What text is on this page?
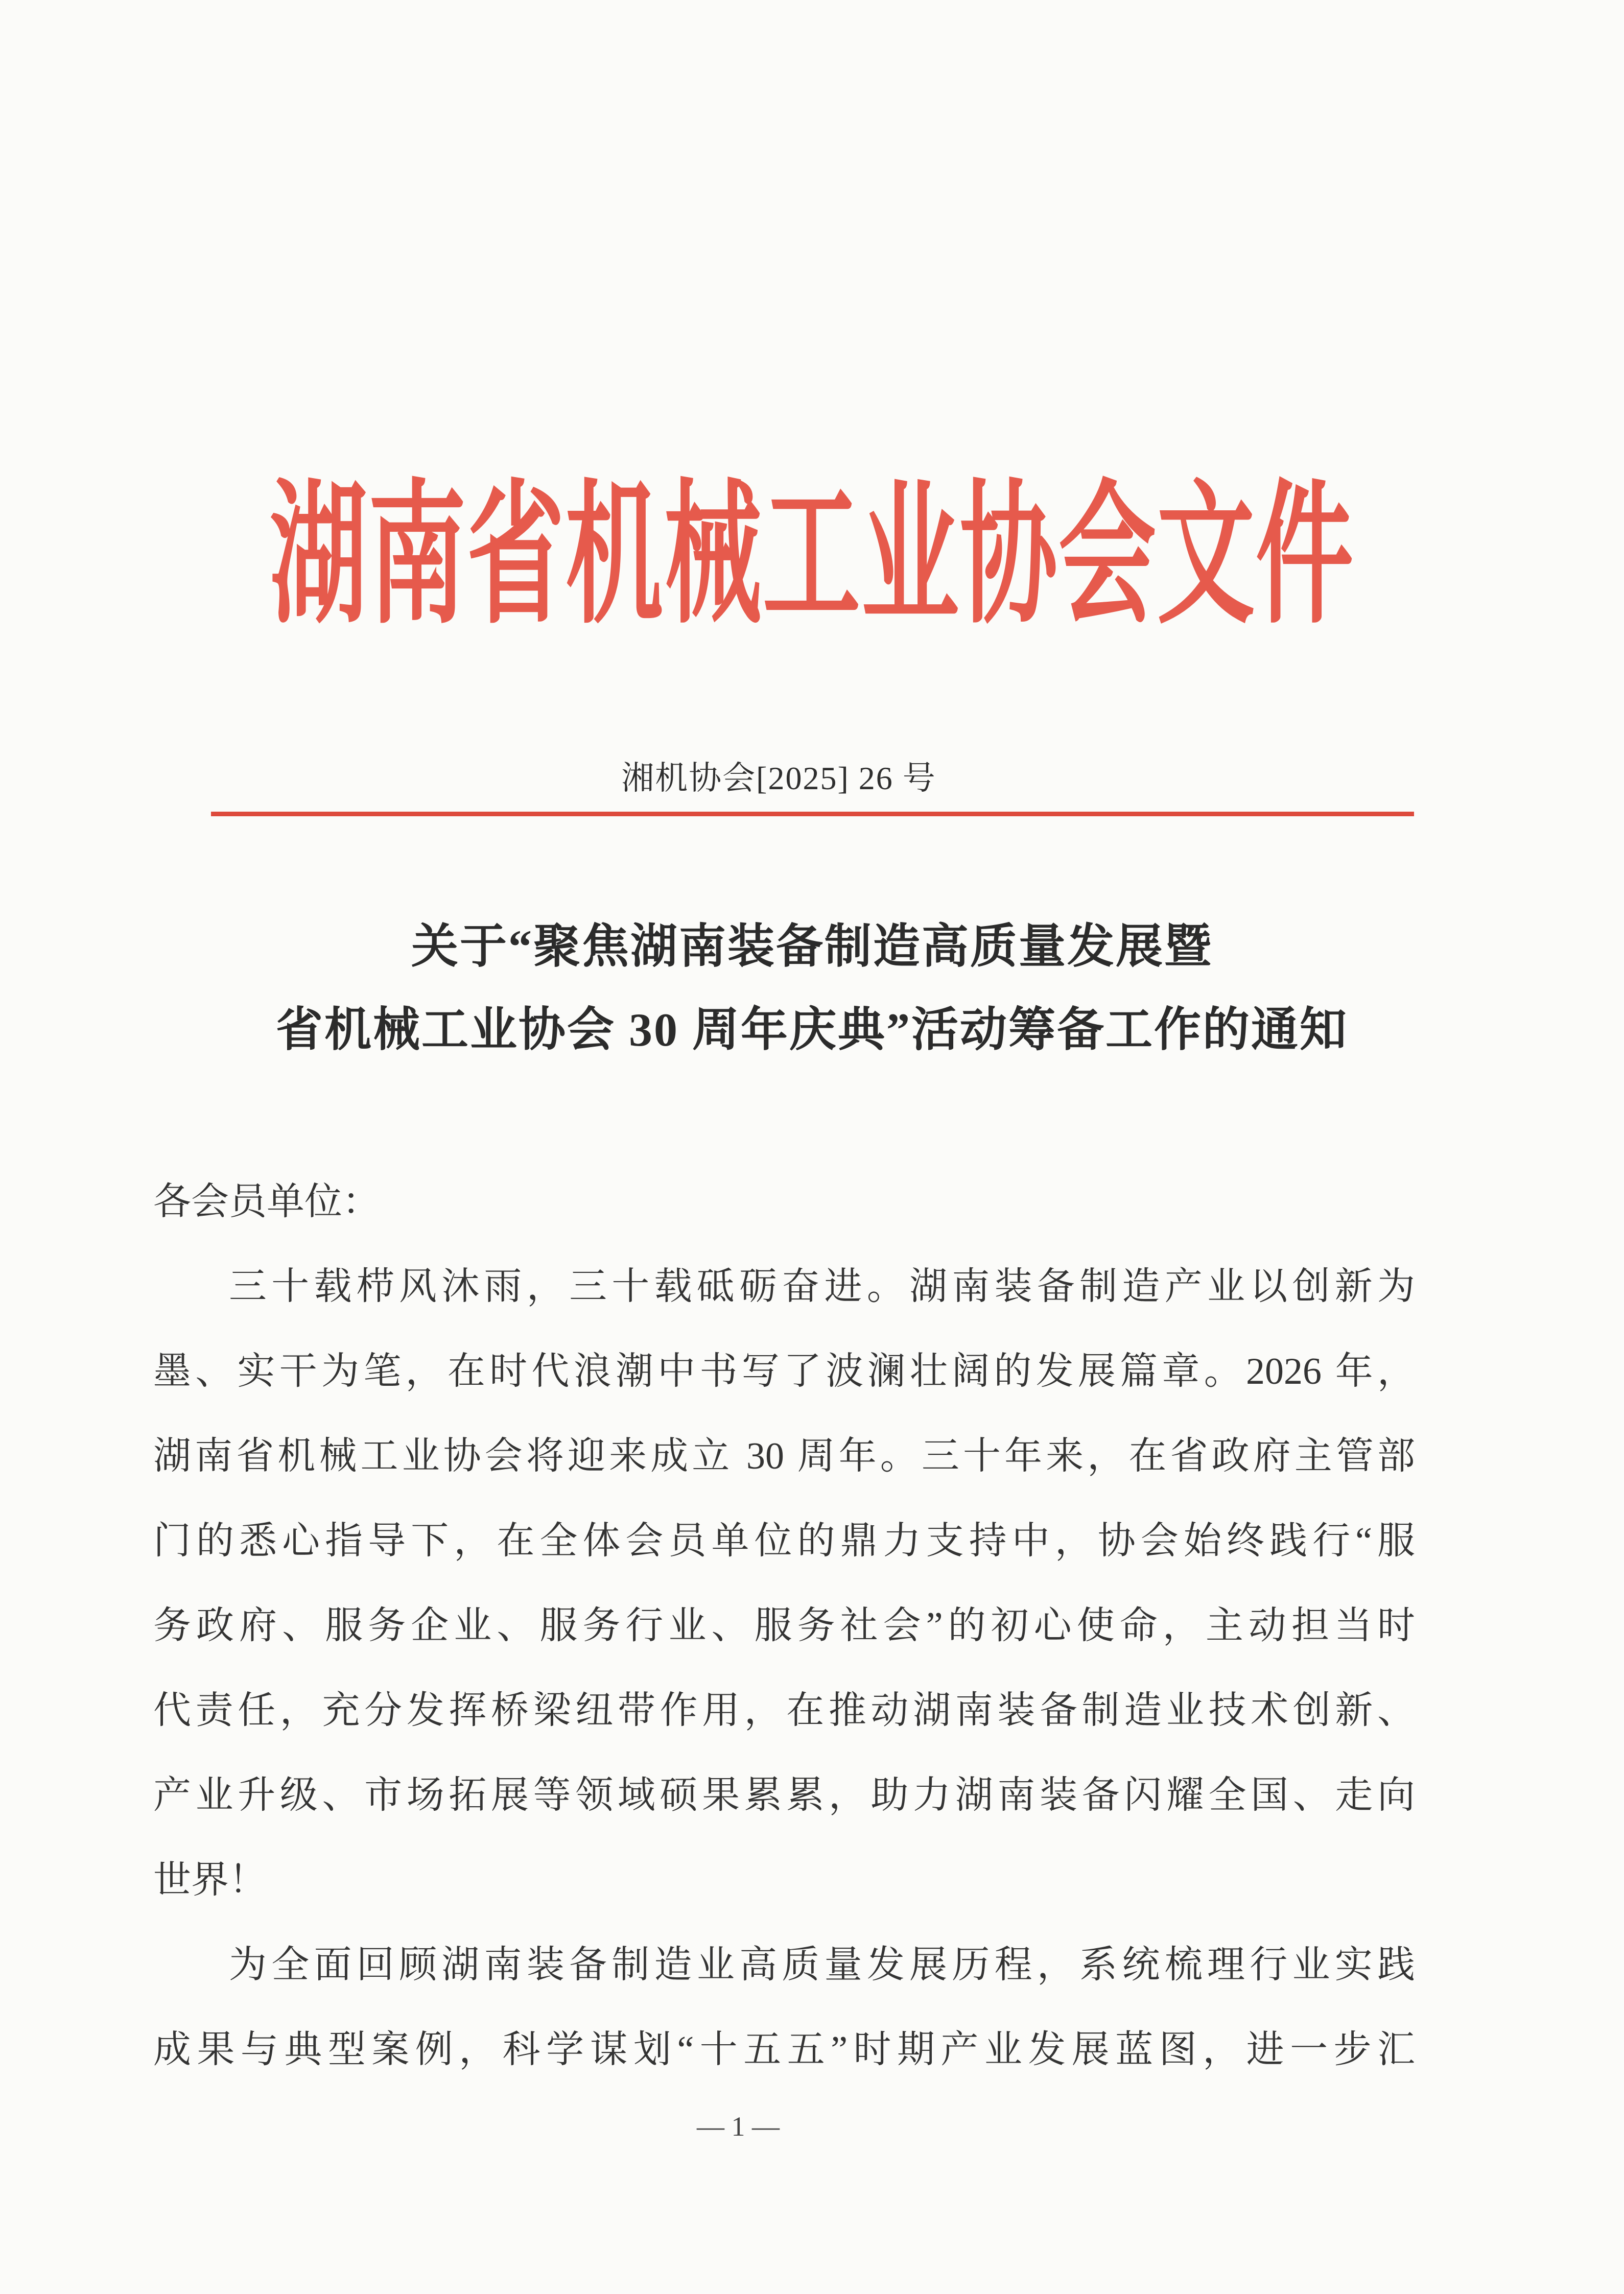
湖南省机械工业协会文件
湘机协会[2025] 26 号
关于“聚焦湖南装备制造高质量发展暨
省机械工业协会 30 周年庆典”活动筹备工作的通知
各会员单位：
三十载栉风沐雨，三十载砥砺奋进。湖南装备制造产业以创新为
墨、实干为笔，在时代浪潮中书写了波澜壮阔的发展篇章。2026 年，
湖南省机械工业协会将迎来成立 30 周年。三十年来，在省政府主管部
门的悉心指导下，在全体会员单位的鼎力支持中，协会始终践行“服
务政府、服务企业、服务行业、服务社会”的初心使命，主动担当时
代责任，充分发挥桥梁纽带作用，在推动湖南装备制造业技术创新、
产业升级、市场拓展等领域硕果累累，助力湖南装备闪耀全国、走向
世界！
为全面回顾湖南装备制造业高质量发展历程，系统梳理行业实践
成果与典型案例，科学谋划“十五五”时期产业发展蓝图，进一步汇
— 1 —
